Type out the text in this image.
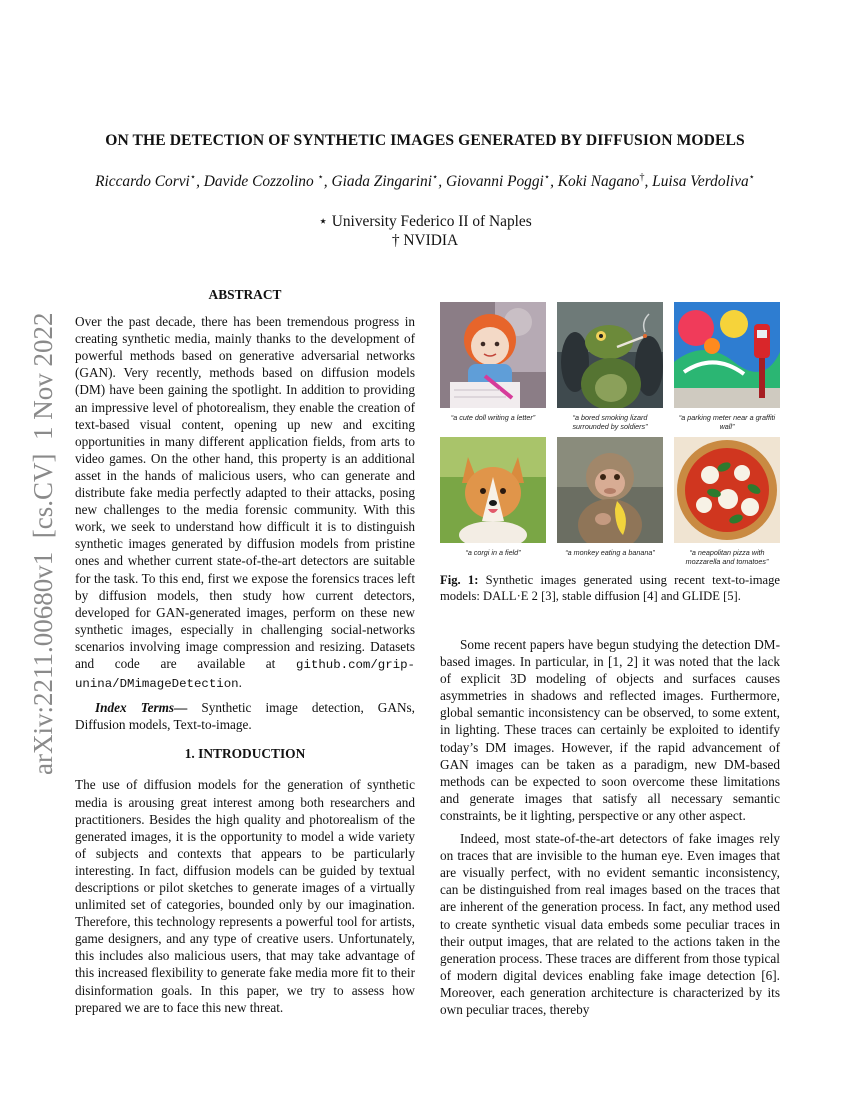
arXiv:2211.00680v1  [cs.CV]  1 Nov 2022
ON THE DETECTION OF SYNTHETIC IMAGES GENERATED BY DIFFUSION MODELS
Riccardo Corvi⋆, Davide Cozzolino ⋆, Giada Zingarini⋆, Giovanni Poggi⋆, Koki Nagano†, Luisa Verdoliva⋆
⋆ University Federico II of Naples
† NVIDIA
ABSTRACT

Over the past decade, there has been tremendous progress in creating synthetic media, mainly thanks to the development of powerful methods based on generative adversarial networks (GAN). Very recently, methods based on diffusion models (DM) have been gaining the spotlight. In addition to providing an impressive level of photorealism, they enable the creation of text-based visual content, opening up new and exciting opportunities in many different application fields, from arts to video games. On the other hand, this property is an additional asset in the hands of malicious users, who can generate and distribute fake media perfectly adapted to their attacks, posing new challenges to the media forensic community. With this work, we seek to understand how difficult it is to distinguish synthetic images generated by diffusion models from pristine ones and whether current state-of-the-art detectors are suitable for the task. To this end, first we expose the forensics traces left by diffusion models, then study how current detectors, developed for GAN-generated images, perform on these new synthetic images, especially in challenging social-networks scenarios involving image compression and resizing. Datasets and code are available at github.com/grip-unina/DMimageDetection.

Index Terms— Synthetic image detection, GANs, Diffusion models, Text-to-image.

1. INTRODUCTION

The use of diffusion models for the generation of synthetic media is arousing great interest among both researchers and practitioners. Besides the high quality and photorealism of the generated images, it is the opportunity to model a wide variety of subjects and contexts that appears to be particularly interesting. In fact, diffusion models can be guided by textual descriptions or pilot sketches to generate images of a virtually unlimited set of categories, bounded only by our imagination. Therefore, this technology represents a powerful tool for artists, game designers, and any type of creative users. Unfortunately, this includes also malicious users, that may take advantage of this increased flexibility to generate fake media more fit to their disinformation goals. In this paper, we try to assess how prepared we are to face this new threat.

“a cute doll writing a letter”	“a bored smoking lizard surrounded by soldiers”
“a parking meter near a graffiti wall”
“a corgi in a field”	“a monkey eating a banana”	“a neapolitan pizza with mozzarella and tomatoes”

Fig. 1: Synthetic images generated using recent text-to-image models: DALL·E 2 [3], stable diffusion [4] and GLIDE [5].

Some recent papers have begun studying the detection DM-based images. In particular, in [1, 2] it was noted that the lack of explicit 3D modeling of objects and surfaces causes asymmetries in shadows and reflected images. Furthermore, global semantic inconsistency can be observed, to some extent, in lighting. These traces can certainly be exploited to identify today’s DM images. However, if the rapid advancement of GAN images can be taken as a paradigm, new DM-based methods can be expected to soon overcome these limitations and generate images that satisfy all necessary semantic constraints, be it lighting, perspective or any other aspect.

Indeed, most state-of-the-art detectors of fake images rely on traces that are invisible to the human eye. Even images that are visually perfect, with no evident semantic inconsistency, can be distinguished from real images based on the traces that are inherent of the generation process. In fact, any method used to create synthetic visual data embeds some peculiar traces in their output images, that are related to the actions taken in the generation process. These traces are different from those typical of modern digital devices enabling fake image detection [6]. Moreover, each generation architecture is characterized by its own peculiar traces, thereby
